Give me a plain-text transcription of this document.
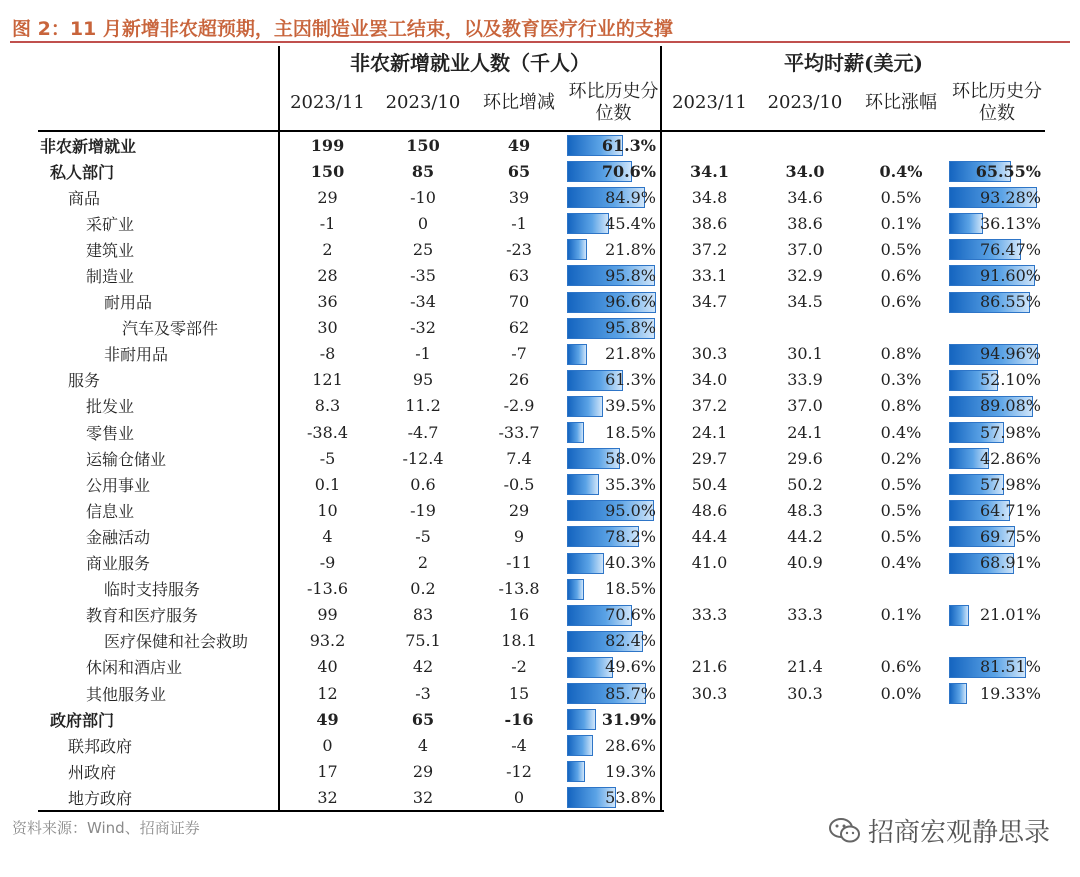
图 2：11 月新增非农超预期，主因制造业罢工结束，以及教育医疗行业的支撑
	非农新增就业人数（千人）				平均时薪(美元)			
	2023/11	2023/10	环比增减	环比历史分位数	2023/11	2023/10	环比涨幅	环比历史分位数
非农新增就业	199	150	49	61.3%				

私人部门	150	85	65	70.6%	34.1	34.0	0.4%	65.55%

商品	29	-10	39	84.9%	34.8	34.6	0.5%	93.28%

采矿业	-1	0	-1	45.4%	38.6	38.6	0.1%	36.13%

建筑业	2	25	-23	21.8%	37.2	37.0	0.5%	76.47%

制造业	28	-35	63	95.8%	33.1	32.9	0.6%	91.60%

耐用品	36	-34	70	96.6%	34.7	34.5	0.6%	86.55%

汽车及零部件	30	-32	62	95.8%				

非耐用品	-8	-1	-7	21.8%	30.3	30.1	0.8%	94.96%

服务	121	95	26	61.3%	34.0	33.9	0.3%	52.10%

批发业	8.3	11.2	-2.9	39.5%	37.2	37.0	0.8%	89.08%

零售业	-38.4	-4.7	-33.7	18.5%	24.1	24.1	0.4%	57.98%

运输仓储业	-5	-12.4	7.4	58.0%	29.7	29.6	0.2%	42.86%

公用事业	0.1	0.6	-0.5	35.3%	50.4	50.2	0.5%	57.98%

信息业	10	-19	29	95.0%	48.6	48.3	0.5%	64.71%

金融活动	4	-5	9	78.2%	44.4	44.2	0.5%	69.75%

商业服务	-9	2	-11	40.3%	41.0	40.9	0.4%	68.91%

临时支持服务	-13.6	0.2	-13.8	18.5%				

教育和医疗服务	99	83	16	70.6%	33.3	33.3	0.1%	21.01%

医疗保健和社会救助	93.2	75.1	18.1	82.4%				

休闲和酒店业	40	42	-2	49.6%	21.6	21.4	0.6%	81.51%

其他服务业	12	-3	15	85.7%	30.3	30.3	0.0%	19.33%

政府部门	49	65	-16	31.9%				

联邦政府	0	4	-4	28.6%				

州政府	17	29	-12	19.3%				

地方政府	32	32	0	53.8%				

资料来源：Wind、招商证券	招商宏观静思录
